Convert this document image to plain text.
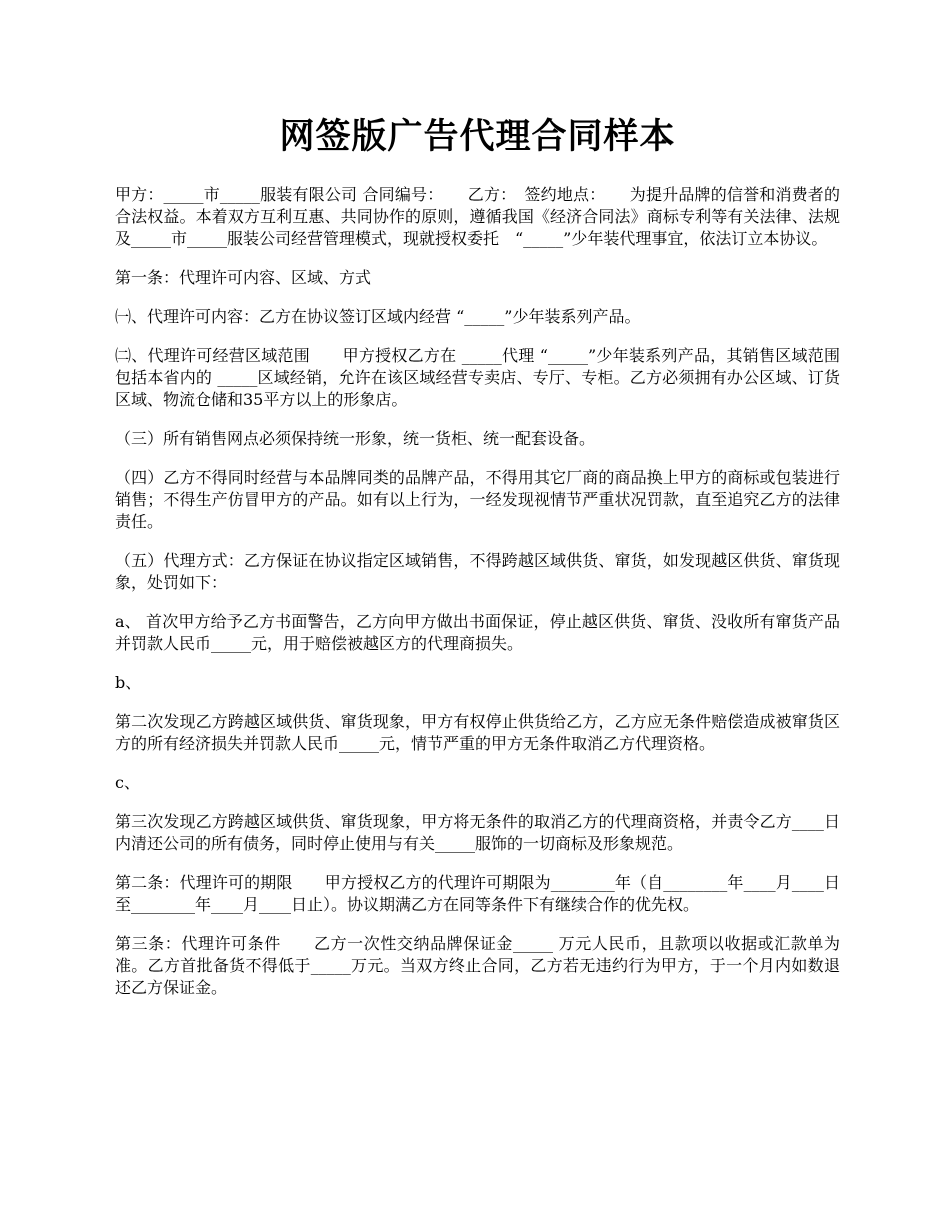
网签版广告代理合同样本

甲方：_____市_____服装有限公司 合同编号：　　乙方：　签约地点：　　为提升品牌的信誉和消费者的合法权益。本着双方互利互惠、共同协作的原则，遵循我国《经济合同法》商标专利等有关法律、法规及_____市_____服装公司经营管理模式，现就授权委托　“_____”少年装代理事宜，依法订立本协议。

第一条：代理许可内容、区域、方式

㈠、代理许可内容：乙方在协议签订区域内经营 “_____”少年装系列产品。

㈡、代理许可经营区域范围　　甲方授权乙方在 _____代理 “_____”少年装系列产品，其销售区域范围包括本省内的 _____区域经销，允许在该区域经营专卖店、专厅、专柜。乙方必须拥有办公区域、订货区域、物流仓储和35平方以上的形象店。

（三）所有销售网点必须保持统一形象，统一货柜、统一配套设备。

（四）乙方不得同时经营与本品牌同类的品牌产品，不得用其它厂商的商品换上甲方的商标或包装进行销售；不得生产仿冒甲方的产品。如有以上行为，一经发现视情节严重状况罚款，直至追究乙方的法律责任。

（五）代理方式：乙方保证在协议指定区域销售，不得跨越区域供货、窜货，如发现越区供货、窜货现象，处罚如下：

a、 首次甲方给予乙方书面警告，乙方向甲方做出书面保证，停止越区供货、窜货、没收所有窜货产品并罚款人民币_____元，用于赔偿被越区方的代理商损失。

b、

第二次发现乙方跨越区域供货、窜货现象，甲方有权停止供货给乙方，乙方应无条件赔偿造成被窜货区方的所有经济损失并罚款人民币_____元，情节严重的甲方无条件取消乙方代理资格。

c、

第三次发现乙方跨越区域供货、窜货现象，甲方将无条件的取消乙方的代理商资格，并责令乙方____日内清还公司的所有债务，同时停止使用与有关_____服饰的一切商标及形象规范。

第二条：代理许可的期限　　甲方授权乙方的代理许可期限为________年（自________年____月____日至________年____月____日止）。协议期满乙方在同等条件下有继续合作的优先权。

第三条：代理许可条件　　乙方一次性交纳品牌保证金_____ 万元人民币，且款项以收据或汇款单为准。乙方首批备货不得低于_____万元。当双方终止合同，乙方若无违约行为甲方，于一个月内如数退还乙方保证金。
